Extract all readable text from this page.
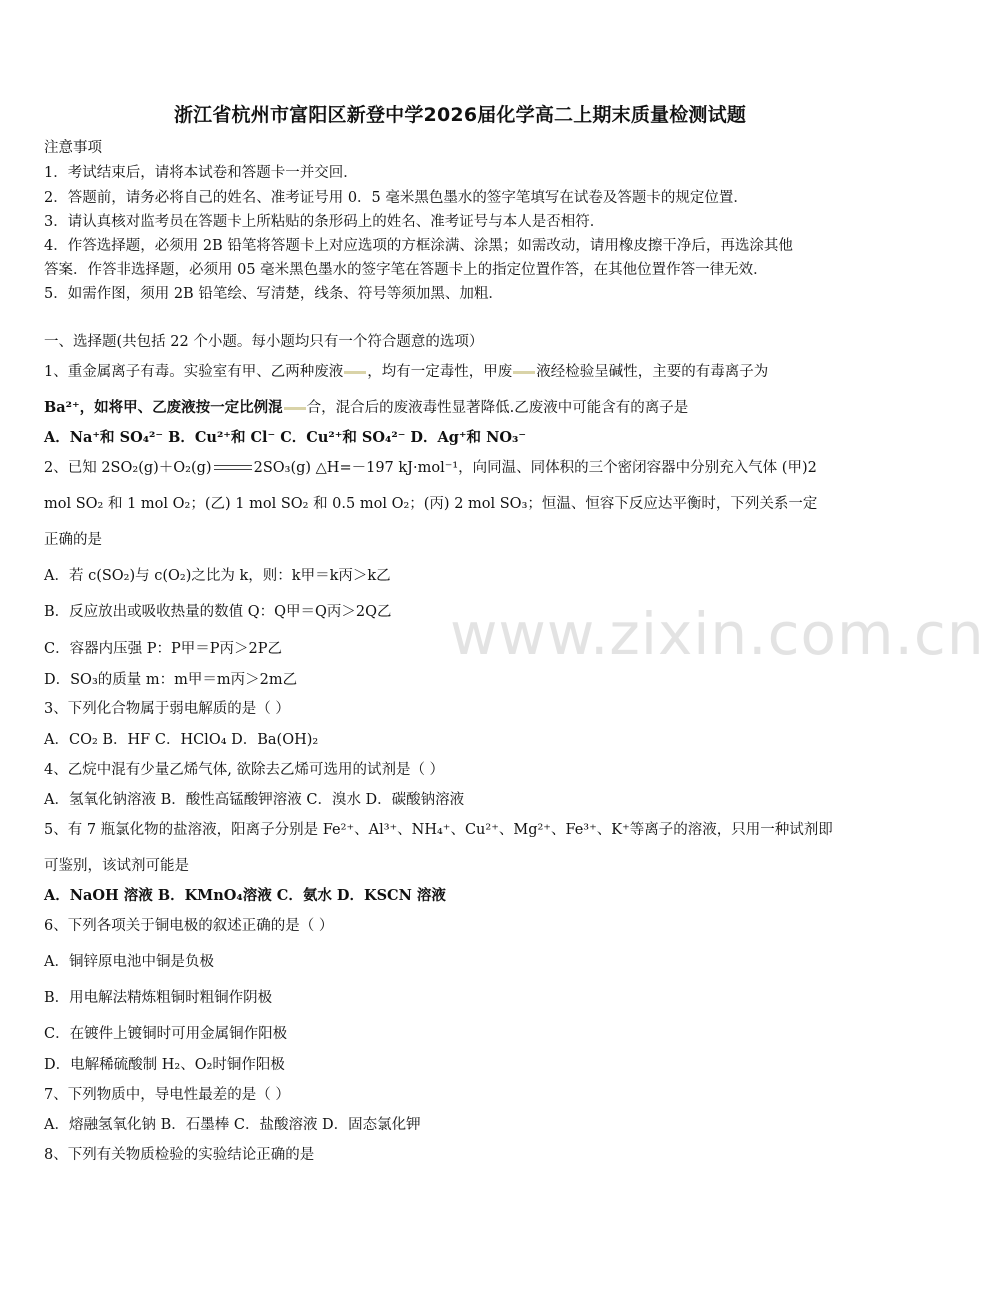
www.zixin.com.cn
浙江省杭州市富阳区新登中学2026届化学高二上期末质量检测试题
注意事项
1．考试结束后，请将本试卷和答题卡一并交回．
2．答题前，请务必将自己的姓名、准考证号用 0．5 毫米黑色墨水的签字笔填写在试卷及答题卡的规定位置．
3．请认真核对监考员在答题卡上所粘贴的条形码上的姓名、准考证号与本人是否相符．
4．作答选择题，必须用 2B 铅笔将答题卡上对应选项的方框涂满、涂黑；如需改动，请用橡皮擦干净后，再选涂其他
答案．作答非选择题，必须用 05 毫米黑色墨水的签字笔在答题卡上的指定位置作答，在其他位置作答一律无效．
5．如需作图，须用 2B 铅笔绘、写清楚，线条、符号等须加黑、加粗．
一、选择题(共包括 22 个小题。每小题均只有一个符合题意的选项）
1、重金属离子有毒。实验室有甲、乙两种废液 ，均有一定毒性，甲废 液经检验呈碱性，主要的有毒离子为
Ba²⁺，如将甲、乙废液按一定比例混 合，混合后的废液毒性显著降低.乙废液中可能含有的离子是
A．Na⁺和 SO₄²⁻ B．Cu²⁺和 Cl⁻ C．Cu²⁺和 SO₄²⁻ D．Ag⁺和 NO₃⁻
2、已知 2SO₂(g)＋O₂(g)	2SO₃(g) △H=－197 kJ·mol⁻¹，向同温、同体积的三个密闭容器中分别充入气体 (甲)2
mol SO₂ 和 1 mol O₂；(乙) 1 mol SO₂ 和 0.5 mol O₂；(丙) 2 mol SO₃；恒温、恒容下反应达平衡时，下列关系一定
正确的是
A．若 c(SO₂)与 c(O₂)之比为 k，则：k甲＝k丙＞k乙
B．反应放出或吸收热量的数值 Q：Q甲＝Q丙＞2Q乙
C．容器内压强 P：P甲＝P丙＞2P乙
D．SO₃的质量 m：m甲＝m丙＞2m乙
3、下列化合物属于弱电解质的是（ ）
A．CO₂ B．HF C．HClO₄ D．Ba(OH)₂
4、乙烷中混有少量乙烯气体, 欲除去乙烯可选用的试剂是（ ）
A．氢氧化钠溶液 B．酸性高锰酸钾溶液 C．溴水 D．碳酸钠溶液
5、有 7 瓶氯化物的盐溶液，阳离子分别是 Fe²⁺、Al³⁺、NH₄⁺、Cu²⁺、Mg²⁺、Fe³⁺、K⁺等离子的溶液，只用一种试剂即
可鉴别，该试剂可能是
A．NaOH 溶液 B．KMnO₄溶液 C．氨水 D．KSCN 溶液
6、下列各项关于铜电极的叙述正确的是（ ）
A．铜锌原电池中铜是负极
B．用电解法精炼粗铜时粗铜作阴极
C．在镀件上镀铜时可用金属铜作阳极
D．电解稀硫酸制 H₂、O₂时铜作阳极
7、下列物质中，导电性最差的是（ ）
A．熔融氢氧化钠 B．石墨棒 C．盐酸溶液 D．固态氯化钾
8、下列有关物质检验的实验结论正确的是
